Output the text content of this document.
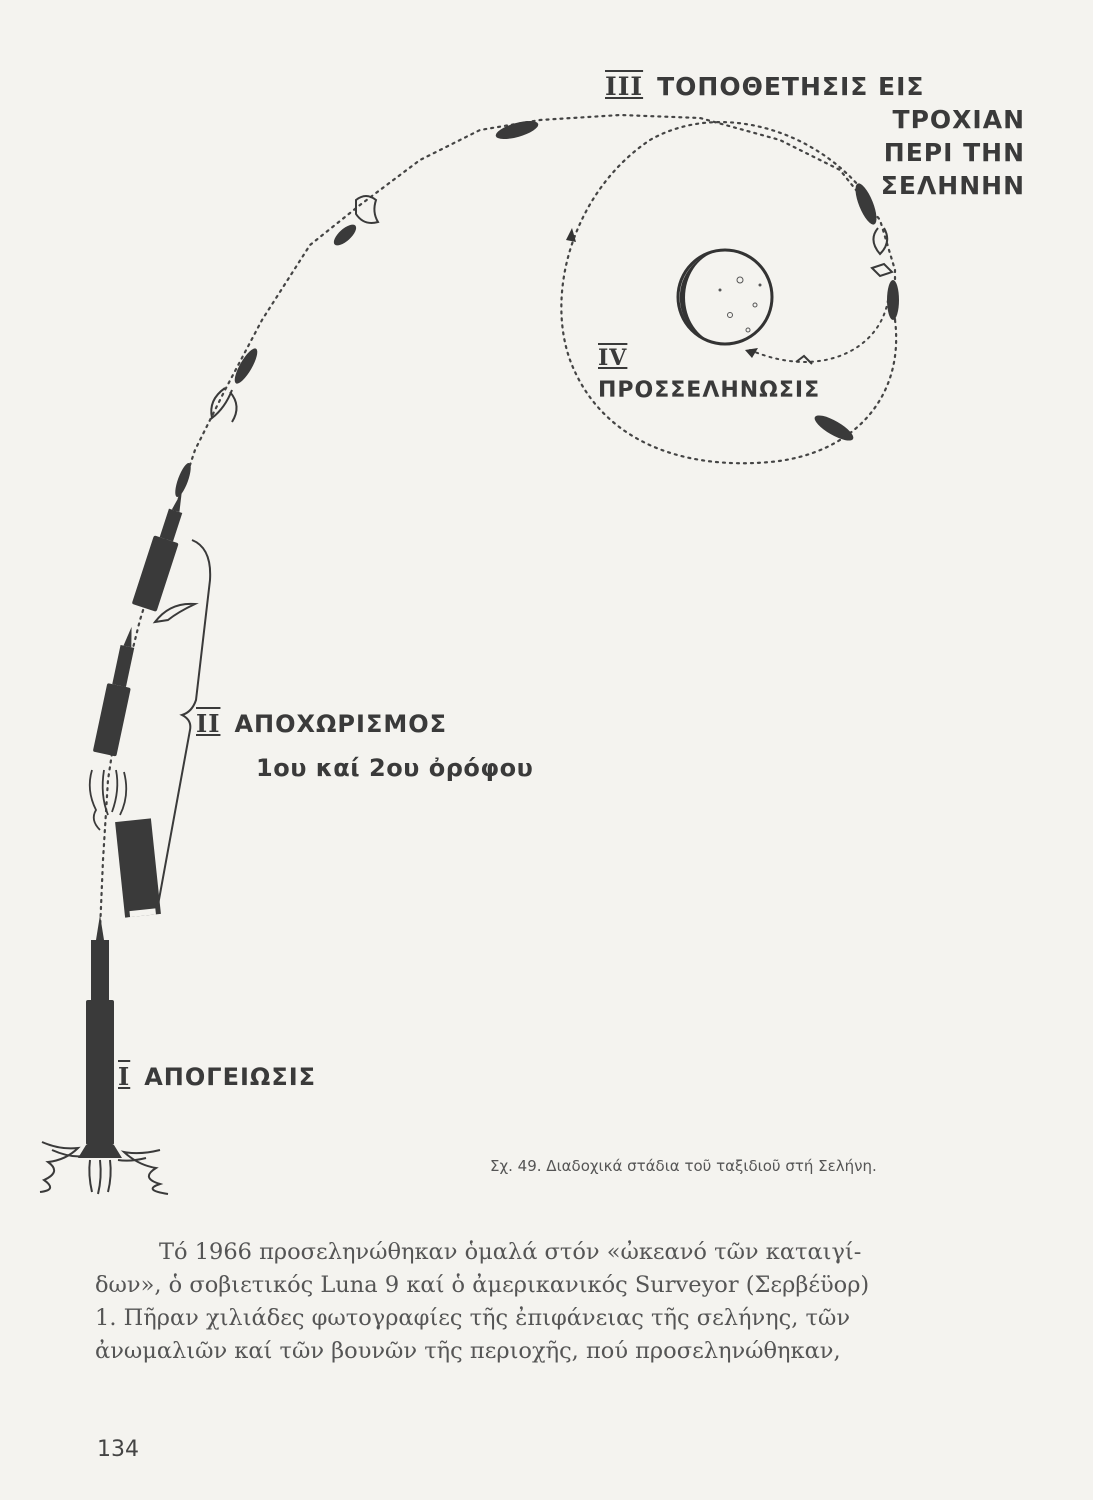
I ΑΠΟΓΕΙΩΣΙΣ
II ΑΠΟΧΩΡΙΣΜΟΣ
1ου καί 2ου ὀρόφου
III ΤΟΠΟΘΕΤΗΣΙΣ ΕΙΣ
ΤΡΟΧΙΑΝ
ΠΕΡΙ ΤΗΝ
ΣΕΛΗΝΗΝ
IV
ΠΡΟΣΣΕΛΗΝΩΣΙΣ
Σχ. 49. Διαδοχικά στάδια τοῦ ταξιδιοῦ στή Σελήνη.
Τό 1966 προσεληνώθηκαν ὁμαλά στόν «ὠκεανό τῶν καταιγί-
δων», ὁ σοβιετικός Luna 9 καί ὁ ἀμερικανικός Surveyor (Σερβέϋορ)
1. Πῆραν χιλιάδες φωτογραφίες τῆς ἐπιφάνειας τῆς σελήνης, τῶν
ἀνωμαλιῶν καί τῶν βουνῶν τῆς περιοχῆς, πού προσεληνώθηκαν,
134
